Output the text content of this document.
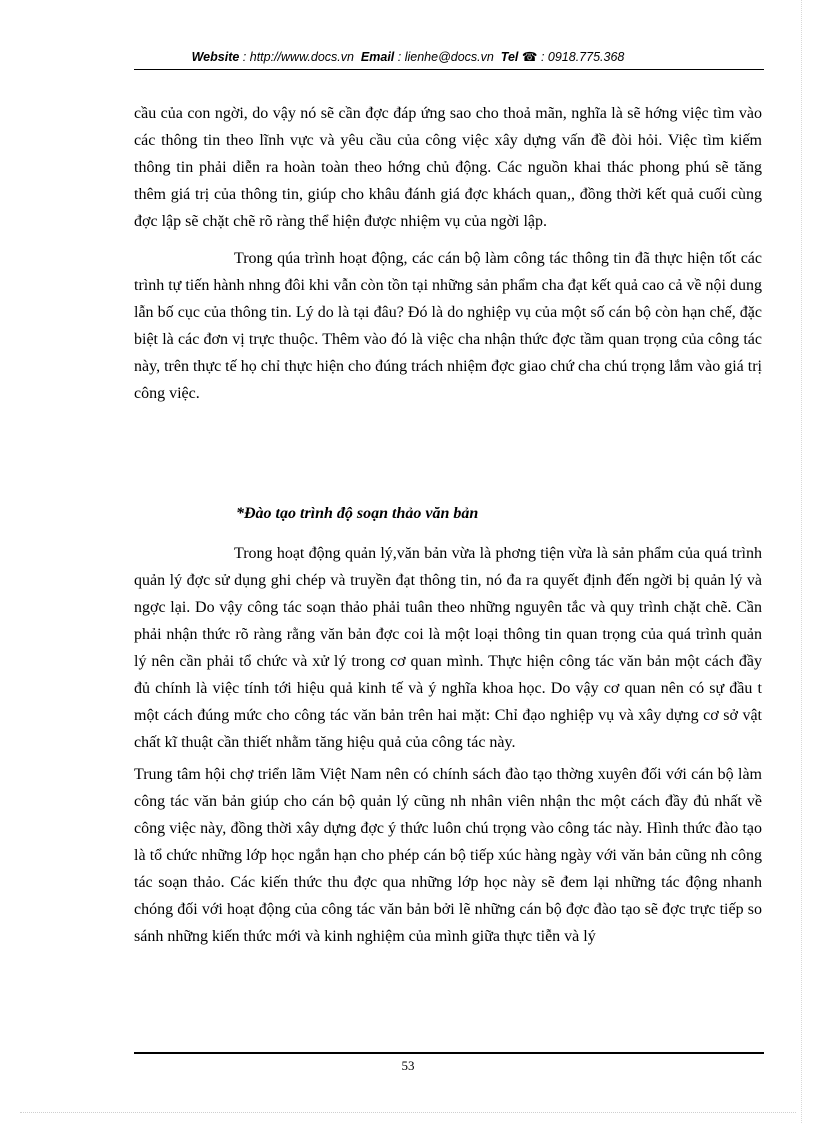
Website : http://www.docs.vn Email : lienhe@docs.vn Tel ☎ : 0918.775.368

cầu của con ngời, do vậy nó sẽ cần đợc đáp ứng sao cho thoả mãn, nghĩa là sẽ hớng việc tìm vào các thông tin theo lĩnh vực và yêu cầu của công việc xây dựng vấn đề đòi hỏi. Việc tìm kiếm thông tin phải diễn ra hoàn toàn theo hớng chủ động. Các nguồn khai thác phong phú sẽ tăng thêm giá trị của thông tin, giúp cho khâu đánh giá đợc khách quan,, đồng thời kết quả cuối cùng đợc lập sẽ chặt chẽ rõ ràng thể hiện được nhiệm vụ của ngời lập.

Trong qúa trình hoạt động, các cán bộ làm công tác thông tin đã thực hiện tốt các trình tự tiến hành nhng đôi khi vẫn còn tồn tại những sản phẩm cha đạt kết quả cao cả về nội dung lẫn bố cục của thông tin. Lý do là tại đâu? Đó là do nghiệp vụ của một số cán bộ còn hạn chế, đặc biệt là các đơn vị trực thuộc. Thêm vào đó là việc cha nhận thức đợc tầm quan trọng của công tác này, trên thực tế họ chỉ thực hiện cho đúng trách nhiệm đợc giao chứ cha chú trọng lắm vào giá trị công việc.

*Đào tạo trình độ soạn thảo văn bản

Trong hoạt động quản lý,văn bản vừa là phơng tiện vừa là sản phẩm của quá trình quản lý đợc sử dụng ghi chép và truyền đạt thông tin, nó đa ra quyết định đến ngời bị quản lý và ngợc lại. Do vậy công tác soạn thảo phải tuân theo những nguyên tắc và quy trình chặt chẽ. Cần phải nhận thức rõ ràng rằng văn bản đợc coi là một loại thông tin quan trọng của quá trình quản lý nên cần phải tổ chức và xử lý trong cơ quan mình. Thực hiện công tác văn bản một cách đầy đủ chính là việc tính tới hiệu quả kinh tế và ý nghĩa khoa học. Do vậy cơ quan nên có sự đầu t một cách đúng mức cho công tác văn bản trên hai mặt: Chỉ đạo nghiệp vụ và xây dựng cơ sở vật chất kĩ thuật cần thiết nhằm tăng hiệu quả của công tác này.

Trung tâm hội chợ triển lãm Việt Nam nên có chính sách đào tạo thờng xuyên đối với cán bộ làm công tác văn bản giúp cho cán bộ quản lý cũng nh nhân viên nhận thc một cách đầy đủ nhất về công việc này, đồng thời xây dựng đợc ý thức luôn chú trọng vào công tác này. Hình thức đào tạo là tổ chức những lớp học ngắn hạn cho phép cán bộ tiếp xúc hàng ngày với văn bản cũng nh công tác soạn thảo. Các kiến thức thu đợc qua những lớp học này sẽ đem lại những tác động nhanh chóng đối với hoạt động của công tác văn bản bởi lẽ những cán bộ đợc đào tạo sẽ đợc trực tiếp so sánh những kiến thức mới và kinh nghiệm của mình giữa thực tiễn và lý

53
